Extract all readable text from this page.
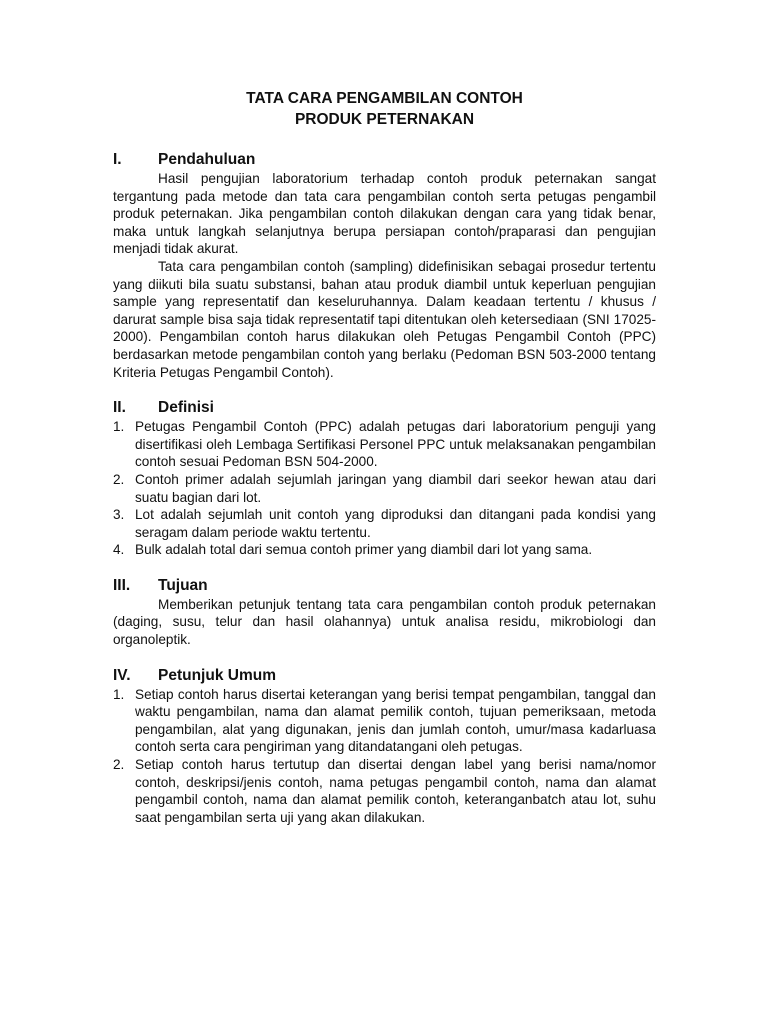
TATA CARA PENGAMBILAN CONTOH
PRODUK PETERNAKAN
I.	Pendahuluan

Hasil pengujian laboratorium terhadap contoh produk peternakan sangat tergantung pada metode dan tata cara pengambilan contoh serta petugas pengambil produk peternakan. Jika pengambilan contoh dilakukan dengan cara yang tidak benar, maka untuk langkah selanjutnya berupa persiapan contoh/praparasi dan pengujian menjadi tidak akurat.

Tata cara pengambilan contoh (sampling) didefinisikan sebagai prosedur tertentu yang diikuti bila suatu substansi, bahan atau produk diambil untuk keperluan pengujian sample yang representatif dan keseluruhannya. Dalam keadaan tertentu / khusus / darurat sample bisa saja tidak representatif tapi ditentukan oleh ketersediaan (SNI 17025-2000). Pengambilan contoh harus dilakukan oleh Petugas Pengambil Contoh (PPC) berdasarkan metode pengambilan contoh yang berlaku (Pedoman BSN 503-2000 tentang Kriteria Petugas Pengambil Contoh).

II.	Definisi
1. Petugas Pengambil Contoh (PPC) adalah petugas dari laboratorium penguji yang disertifikasi oleh Lembaga Sertifikasi Personel PPC untuk melaksanakan pengambilan contoh sesuai Pedoman BSN 504-2000.
2. Contoh primer adalah sejumlah jaringan yang diambil dari seekor hewan atau dari suatu bagian dari lot.
3. Lot adalah sejumlah unit contoh yang diproduksi dan ditangani pada kondisi yang seragam dalam periode waktu tertentu.
4. Bulk adalah total dari semua contoh primer yang diambil dari lot yang sama.
III.	Tujuan

Memberikan petunjuk tentang tata cara pengambilan contoh produk peternakan (daging, susu, telur dan hasil olahannya) untuk analisa residu, mikrobiologi dan organoleptik.

IV.	Petunjuk Umum
1. Setiap contoh harus disertai keterangan yang berisi tempat pengambilan, tanggal dan waktu pengambilan, nama dan alamat pemilik contoh, tujuan pemeriksaan, metoda pengambilan, alat yang digunakan, jenis dan jumlah contoh, umur/masa kadarluasa contoh serta cara pengiriman yang ditandatangani oleh petugas.
2. Setiap contoh harus tertutup dan disertai dengan label yang berisi nama/nomor contoh, deskripsi/jenis contoh, nama petugas pengambil contoh, nama dan alamat pengambil contoh, nama dan alamat pemilik contoh, keteranganbatch atau lot, suhu saat pengambilan serta uji yang akan dilakukan.
